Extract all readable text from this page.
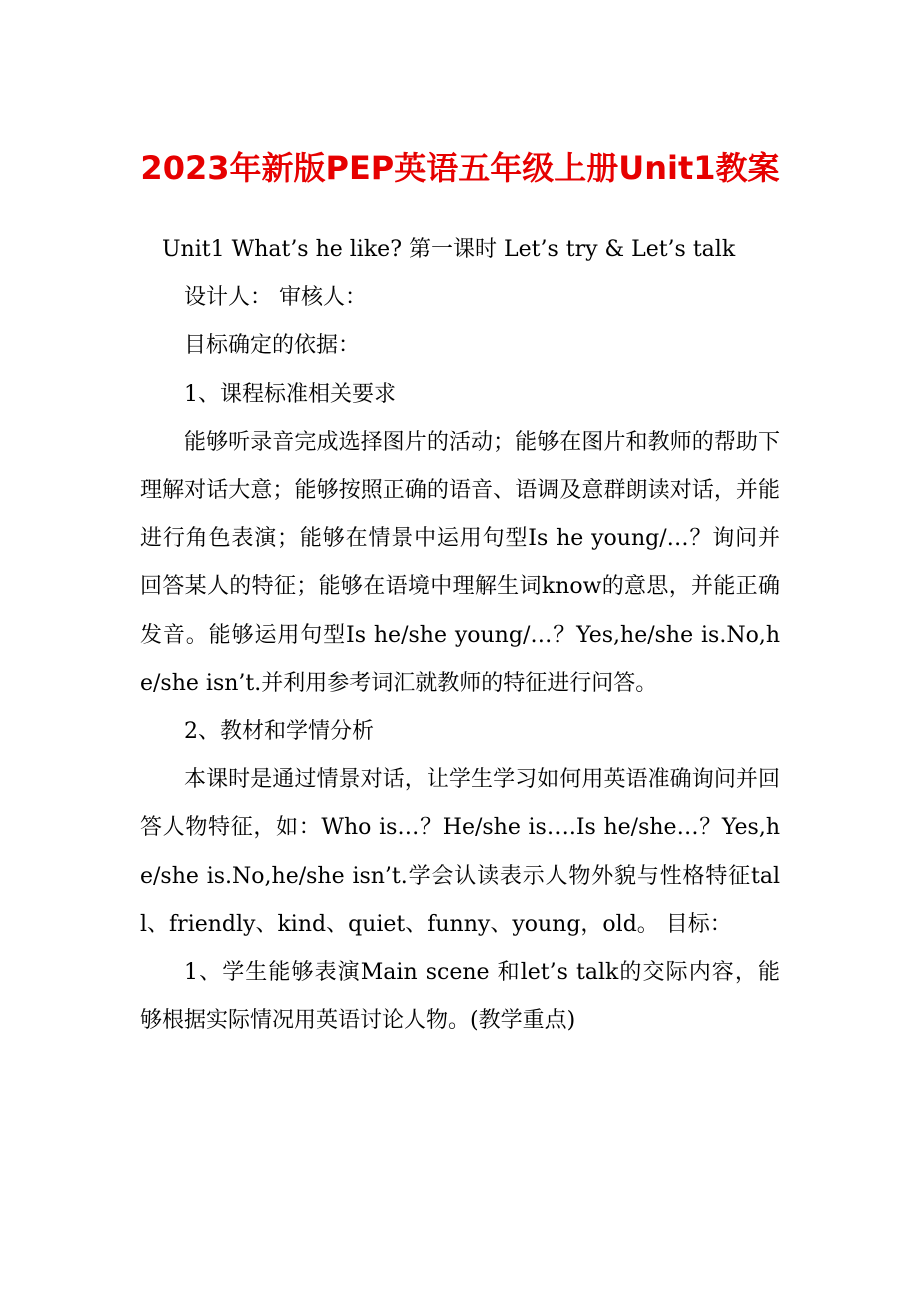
2023年新版PEP英语五年级上册Unit1教案

Unit1 What’s he like? 第一课时 Let’s try & Let’s talk

设计人： 审核人：

目标确定的依据：

1、课程标准相关要求

能够听录音完成选择图片的活动；能够在图片和教师的帮助下理解对话大意；能够按照正确的语音、语调及意群朗读对话，并能进行角色表演；能够在情景中运用句型Is he young/…？询问并回答某人的特征；能够在语境中理解生词know的意思，并能正确发音。能够运用句型Is he/she young/…？Yes,he/she is.No,he/she isn’t.并利用参考词汇就教师的特征进行问答。

2、教材和学情分析

本课时是通过情景对话，让学生学习如何用英语准确询问并回答人物特征，如：Who is…？He/she is….Is he/she…？Yes,he/she is.No,he/she isn’t.学会认读表示人物外貌与性格特征tall、friendly、kind、quiet、funny、young，old。 目标：

1、学生能够表演Main scene 和let’s talk的交际内容，能够根据实际情况用英语讨论人物。(教学重点)
